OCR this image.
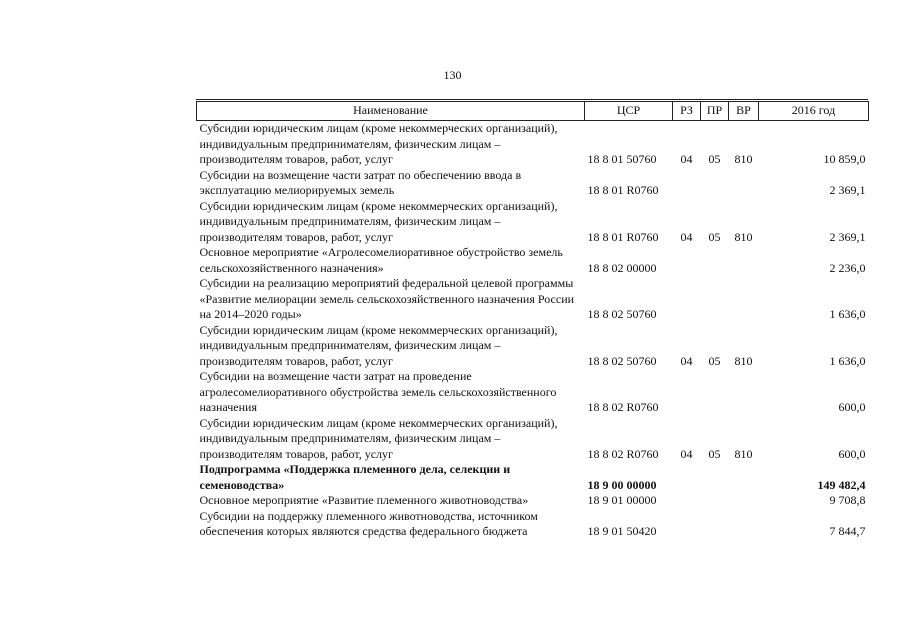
130
Наименование	ЦСР	РЗ	ПР	ВР	2016 год
Субсидии юридическим лицам (кроме некоммерческих организаций), индивидуальным предпринимателям, физическим лицам – производителям товаров, работ, услуг	18 8 01 50760	04	05	810	10 859,0
Субсидии на возмещение части затрат по обеспечению ввода в эксплуатацию мелиорируемых земель	18 8 01 R0760				2 369,1
Субсидии юридическим лицам (кроме некоммерческих организаций), индивидуальным предпринимателям, физическим лицам – производителям товаров, работ, услуг	18 8 01 R0760	04	05	810	2 369,1
Основное мероприятие «Агролесомелиоративное обустройство земель сельскохозяйственного назначения»	18 8 02 00000				2 236,0
Субсидии на реализацию мероприятий федеральной целевой программы «Развитие мелиорации земель сельскохозяйственного назначения России на 2014–2020 годы»	18 8 02 50760				1 636,0
Субсидии юридическим лицам (кроме некоммерческих организаций), индивидуальным предпринимателям, физическим лицам – производителям товаров, работ, услуг	18 8 02 50760	04	05	810	1 636,0
Субсидии на возмещение части затрат на проведение агролесомелиоративного обустройства земель сельскохозяйственного назначения	18 8 02 R0760				600,0
Субсидии юридическим лицам (кроме некоммерческих организаций), индивидуальным предпринимателям, физическим лицам – производителям товаров, работ, услуг	18 8 02 R0760	04	05	810	600,0
Подпрограмма «Поддержка племенного дела, селекции и семеноводства»	18 9 00 00000				149 482,4
Основное мероприятие «Развитие племенного животноводства»	18 9 01 00000				9 708,8
Субсидии на поддержку племенного животноводства, источником обеспечения которых являются средства федерального бюджета	18 9 01 50420				7 844,7
